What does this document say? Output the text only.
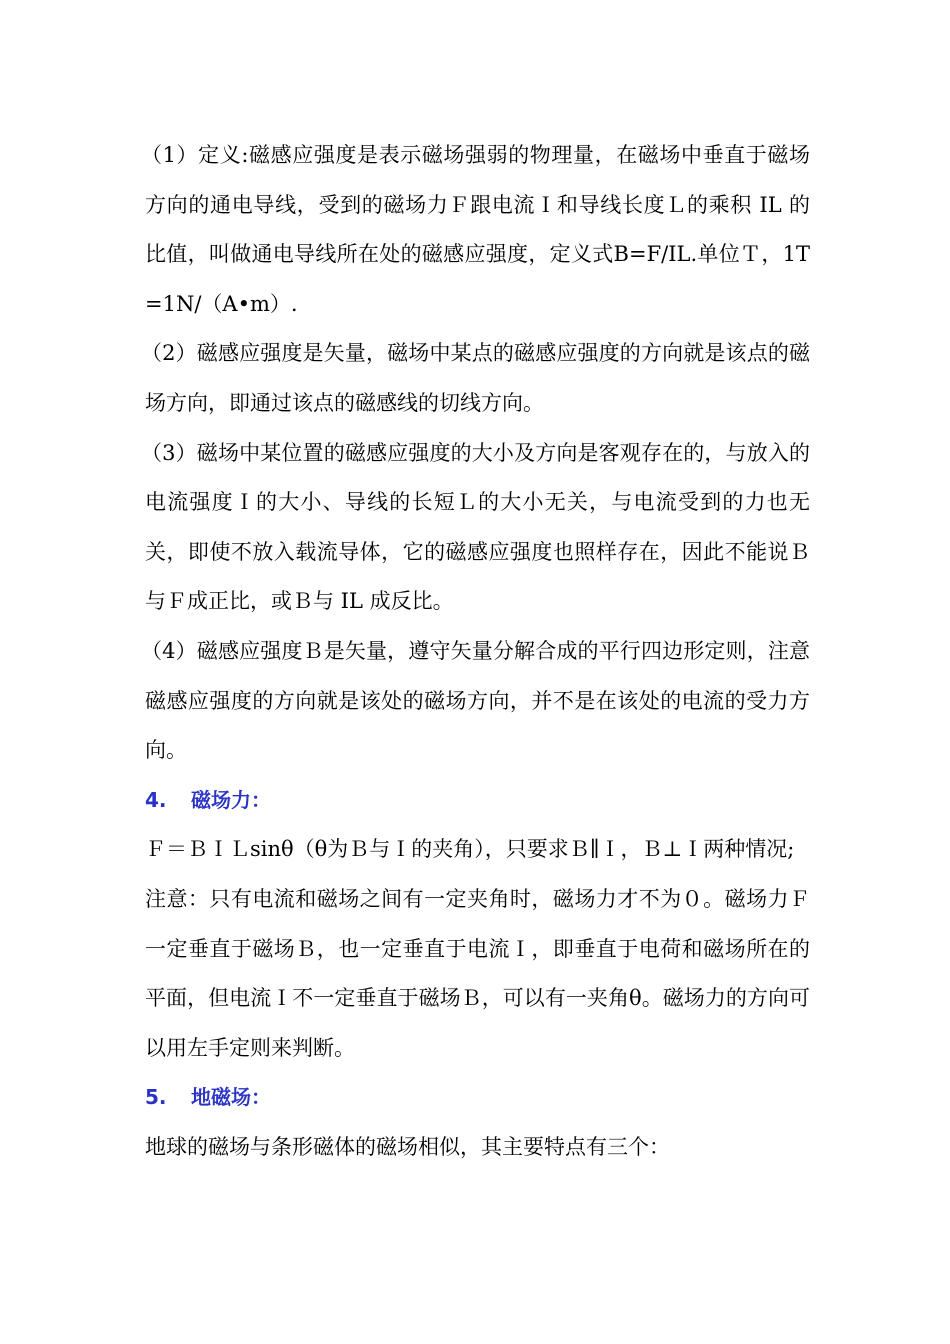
（1）定义:磁感应强度是表示磁场强弱的物理量，在磁场中垂直于磁场方向的通电导线，受到的磁场力Ｆ跟电流Ｉ和导线长度Ｌ的乘积 IL 的比值，叫做通电导线所在处的磁感应强度，定义式B=F/IL.单位Ｔ，1T=1N/（A•m）.

（2）磁感应强度是矢量，磁场中某点的磁感应强度的方向就是该点的磁场方向，即通过该点的磁感线的切线方向。

（3）磁场中某位置的磁感应强度的大小及方向是客观存在的，与放入的电流强度Ｉ的大小、导线的长短Ｌ的大小无关，与电流受到的力也无关，即使不放入载流导体，它的磁感应强度也照样存在，因此不能说Ｂ与Ｆ成正比，或Ｂ与 IL 成反比。

（4）磁感应强度Ｂ是矢量，遵守矢量分解合成的平行四边形定则，注意磁感应强度的方向就是该处的磁场方向，并不是在该处的电流的受力方向。

4. 磁场力：

Ｆ＝ＢＩＬsinθ（θ为Ｂ与Ｉ的夹角），只要求Ｂ∥Ｉ，Ｂ⊥Ｉ两种情况;

注意：只有电流和磁场之间有一定夹角时，磁场力才不为０。磁场力Ｆ一定垂直于磁场Ｂ，也一定垂直于电流Ｉ，即垂直于电荷和磁场所在的平面，但电流Ｉ不一定垂直于磁场Ｂ，可以有一夹角θ。磁场力的方向可以用左手定则来判断。

5. 地磁场：

地球的磁场与条形磁体的磁场相似，其主要特点有三个：
